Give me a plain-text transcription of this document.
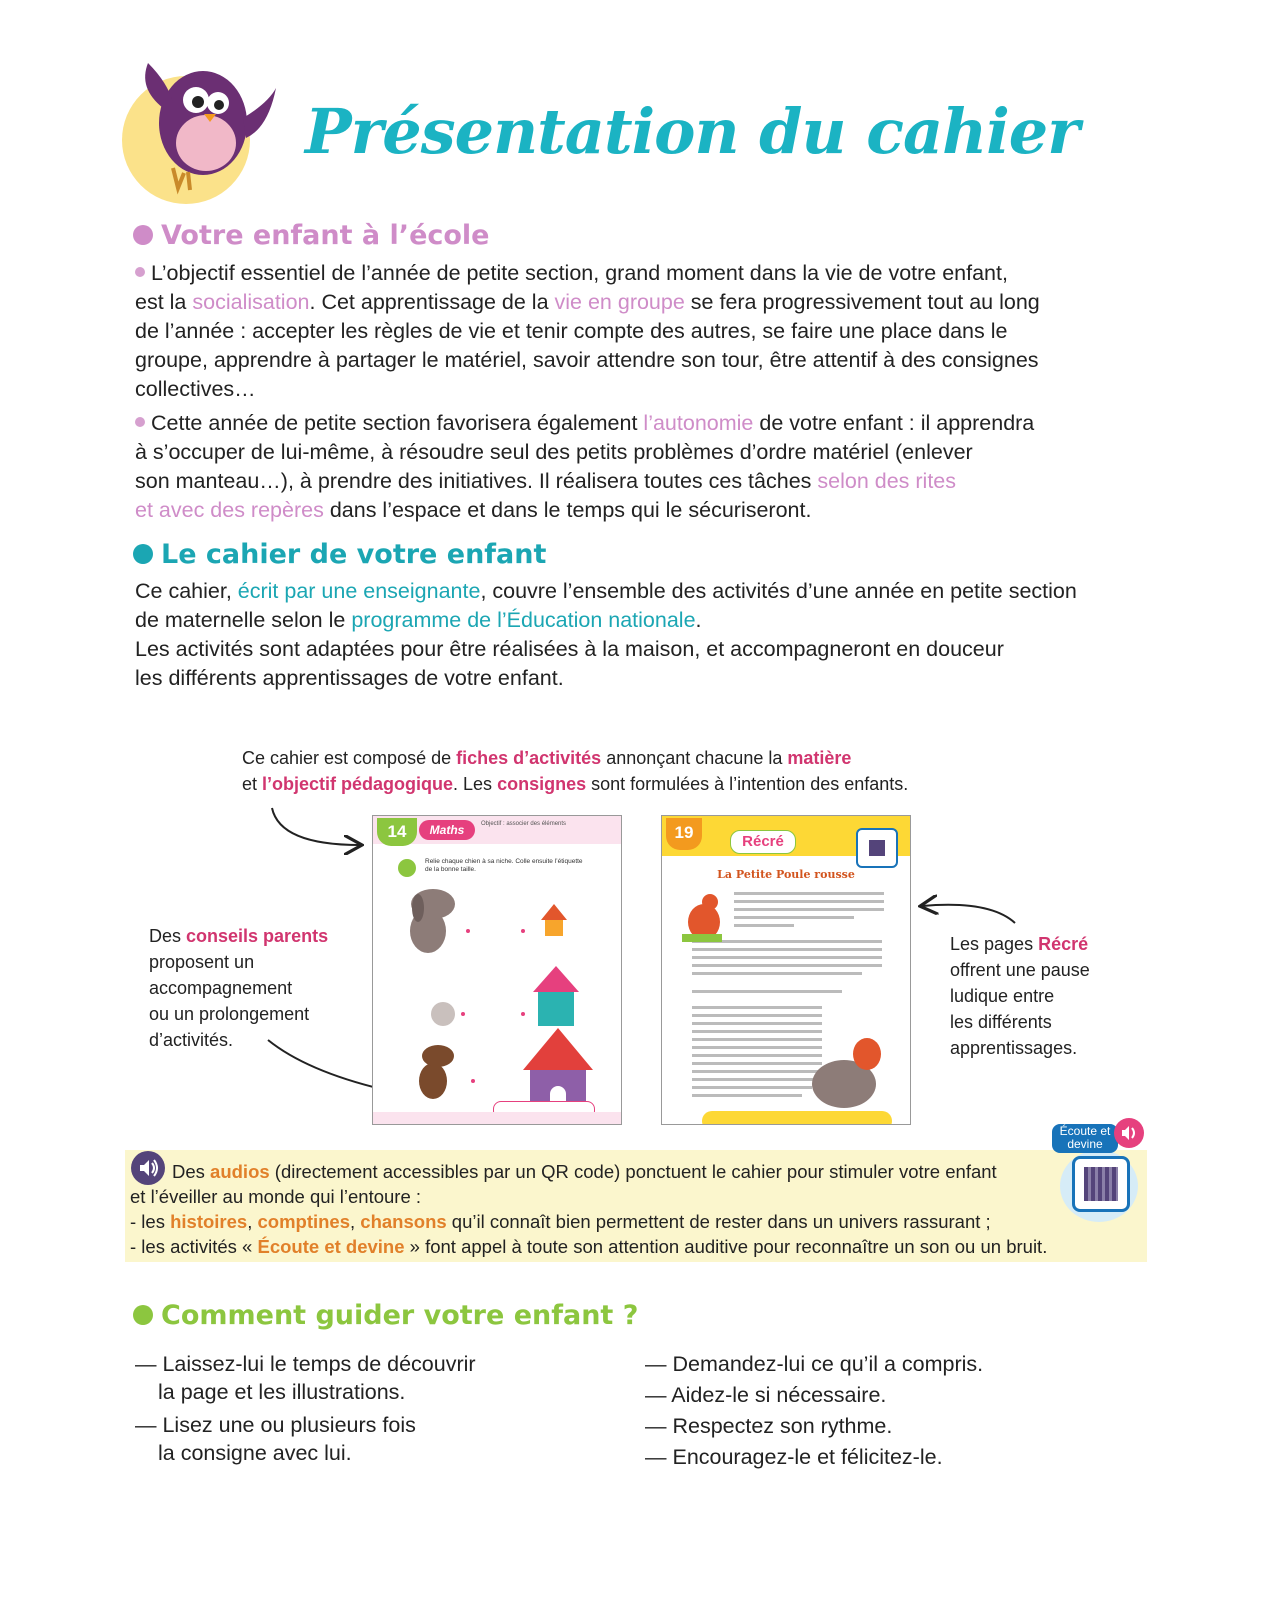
Présentation du cahier
Votre enfant à l’école
L’objectif essentiel de l’année de petite section, grand moment dans la vie de votre enfant,
est la socialisation. Cet apprentissage de la vie en groupe se fera progressivement tout au long
de l’année : accepter les règles de vie et tenir compte des autres, se faire une place dans le
groupe, apprendre à partager le matériel, savoir attendre son tour, être attentif à des consignes
collectives…
Cette année de petite section favorisera également l’autonomie de votre enfant : il apprendra
à s’occuper de lui-même, à résoudre seul des petits problèmes d’ordre matériel (enlever
son manteau…), à prendre des initiatives. Il réalisera toutes ces tâches selon des rites
et avec des repères dans l’espace et dans le temps qui le sécuriseront.
Le cahier de votre enfant
Ce cahier, écrit par une enseignante, couvre l’ensemble des activités d’une année en petite section
de maternelle selon le programme de l’Éducation nationale.
Les activités sont adaptées pour être réalisées à la maison, et accompagneront en douceur
les différents apprentissages de votre enfant.
Ce cahier est composé de fiches d’activités annonçant chacune la matière
et l’objectif pédagogique. Les consignes sont formulées à l’intention des enfants.
Des conseils parents
proposent un
accompagnement
ou un prolongement
d’activités.
Les pages Récré
offrent une pause
ludique entre
les différents
apprentissages.
14	Maths	Objectif : associer des éléments
Relie chaque chien à sa niche. Colle ensuite l’étiquette de la bonne taille.
19	Récré
La Petite Poule rousse
Des audios (directement accessibles par un QR code) ponctuent le cahier pour stimuler votre enfant
et l’éveiller au monde qui l’entoure :
- les histoires, comptines, chansons qu’il connaît bien permettent de rester dans un univers rassurant ;
- les activités « Écoute et devine » font appel à toute son attention auditive pour reconnaître un son ou un bruit.
Écoute et devine
Comment guider votre enfant ?
— Laissez-lui le temps de découvrir
la page et les illustrations.
— Lisez une ou plusieurs fois
la consigne avec lui.
— Demandez-lui ce qu’il a compris.
— Aidez-le si nécessaire.
— Respectez son rythme.
— Encouragez-le et félicitez-le.
